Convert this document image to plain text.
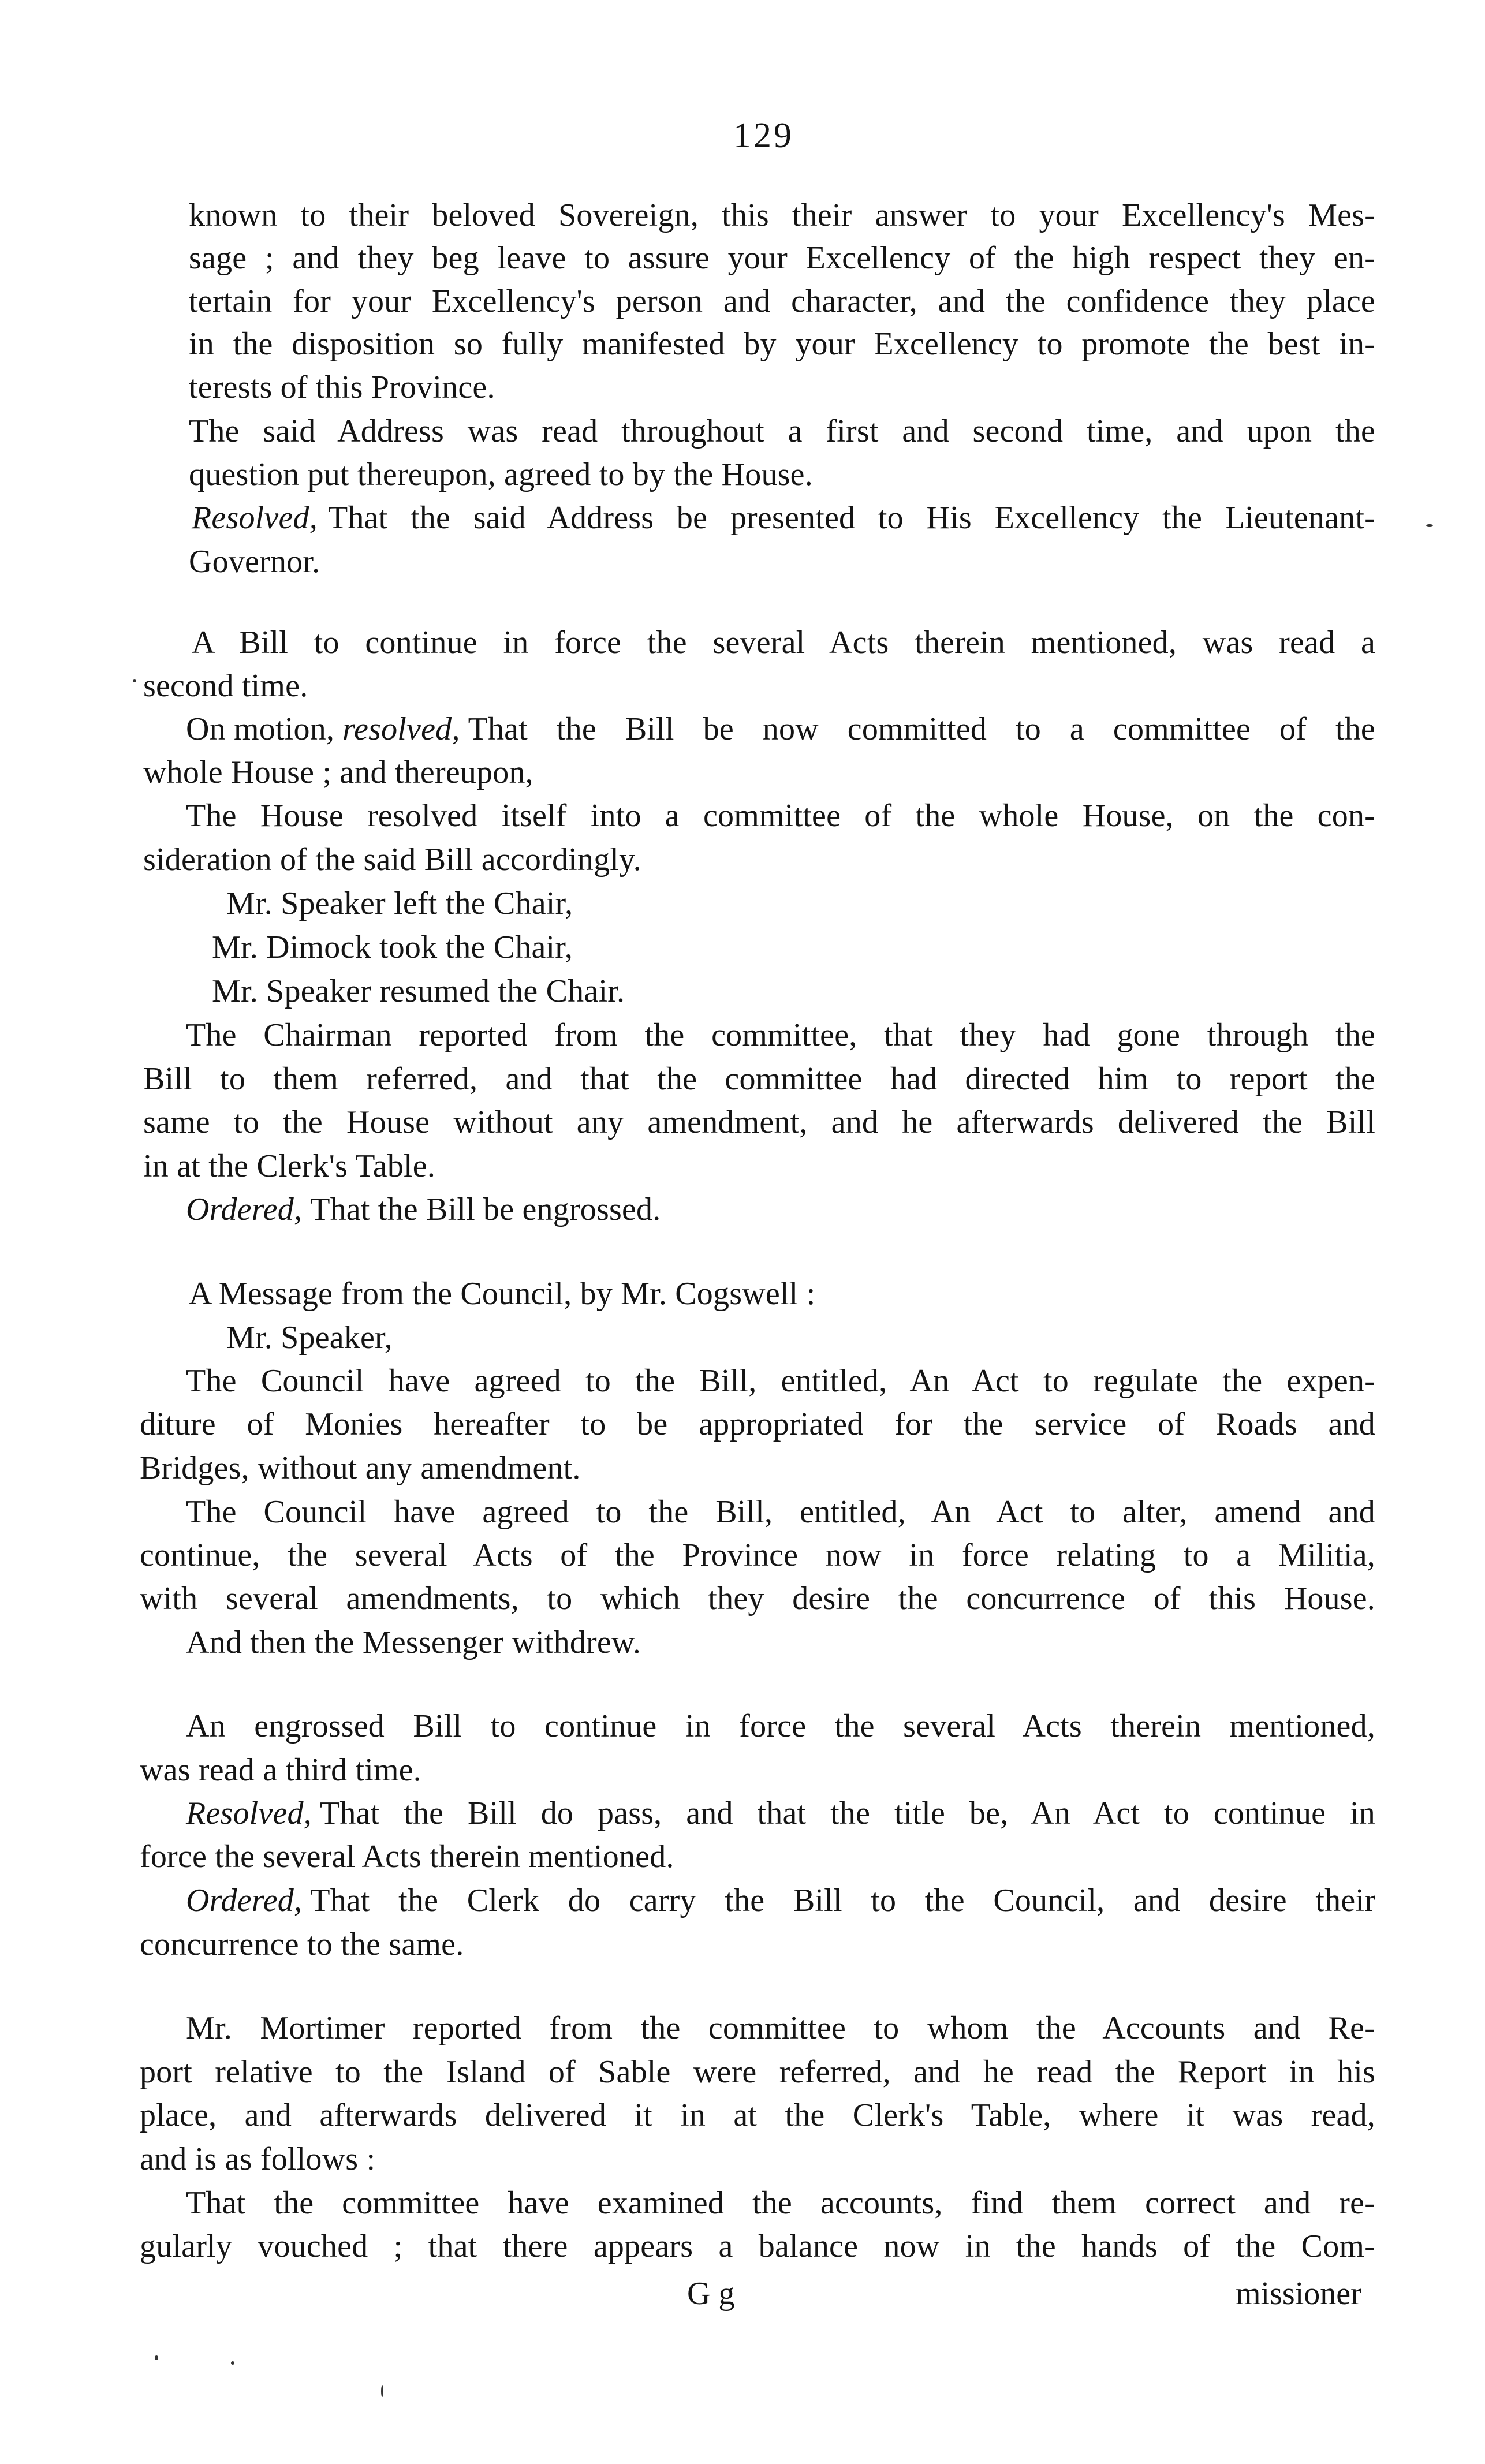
129
known to their beloved Sovereign, this their answer to your Excellency's Mes-
sage ; and they beg leave to assure your Excellency of the high respect they en-
tertain for your Excellency's person and character, and the confidence they place
in the disposition so fully manifested by your Excellency to promote the best in-
terests of this Province.
The said Address was read throughout a first and second time, and upon the
question put thereupon, agreed to by the House.
Resolved, That the said Address be presented to His Excellency the Lieutenant-
Governor.
A Bill to continue in force the several Acts therein mentioned, was read a
second time.
On motion, resolved, That the Bill be now committed to a committee of the
whole House ; and thereupon,
The House resolved itself into a committee of the whole House, on the con-
sideration of the said Bill accordingly.
Mr. Speaker left the Chair,
Mr. Dimock took the Chair,
Mr. Speaker resumed the Chair.
The Chairman reported from the committee, that they had gone through the
Bill to them referred, and that the committee had directed him to report the
same to the House without any amendment, and he afterwards delivered the Bill
in at the Clerk's Table.
Ordered, That the Bill be engrossed.
A Message from the Council, by Mr. Cogswell :
Mr. Speaker,
The Council have agreed to the Bill, entitled, An Act to regulate the expen-
diture of Monies hereafter to be appropriated for the service of Roads and
Bridges, without any amendment.
The Council have agreed to the Bill, entitled, An Act to alter, amend and
continue, the several Acts of the Province now in force relating to a Militia,
with several amendments, to which they desire the concurrence of this House.
And then the Messenger withdrew.
An engrossed Bill to continue in force the several Acts therein mentioned,
was read a third time.
Resolved, That the Bill do pass, and that the title be, An Act to continue in
force the several Acts therein mentioned.
Ordered, That the Clerk do carry the Bill to the Council, and desire their
concurrence to the same.
Mr. Mortimer reported from the committee to whom the Accounts and Re-
port relative to the Island of Sable were referred, and he read the Report in his
place, and afterwards delivered it in at the Clerk's Table, where it was read,
and is as follows :
That the committee have examined the accounts, find them correct and re-
gularly vouched ; that there appears a balance now in the hands of the Com-
G g	missioner
